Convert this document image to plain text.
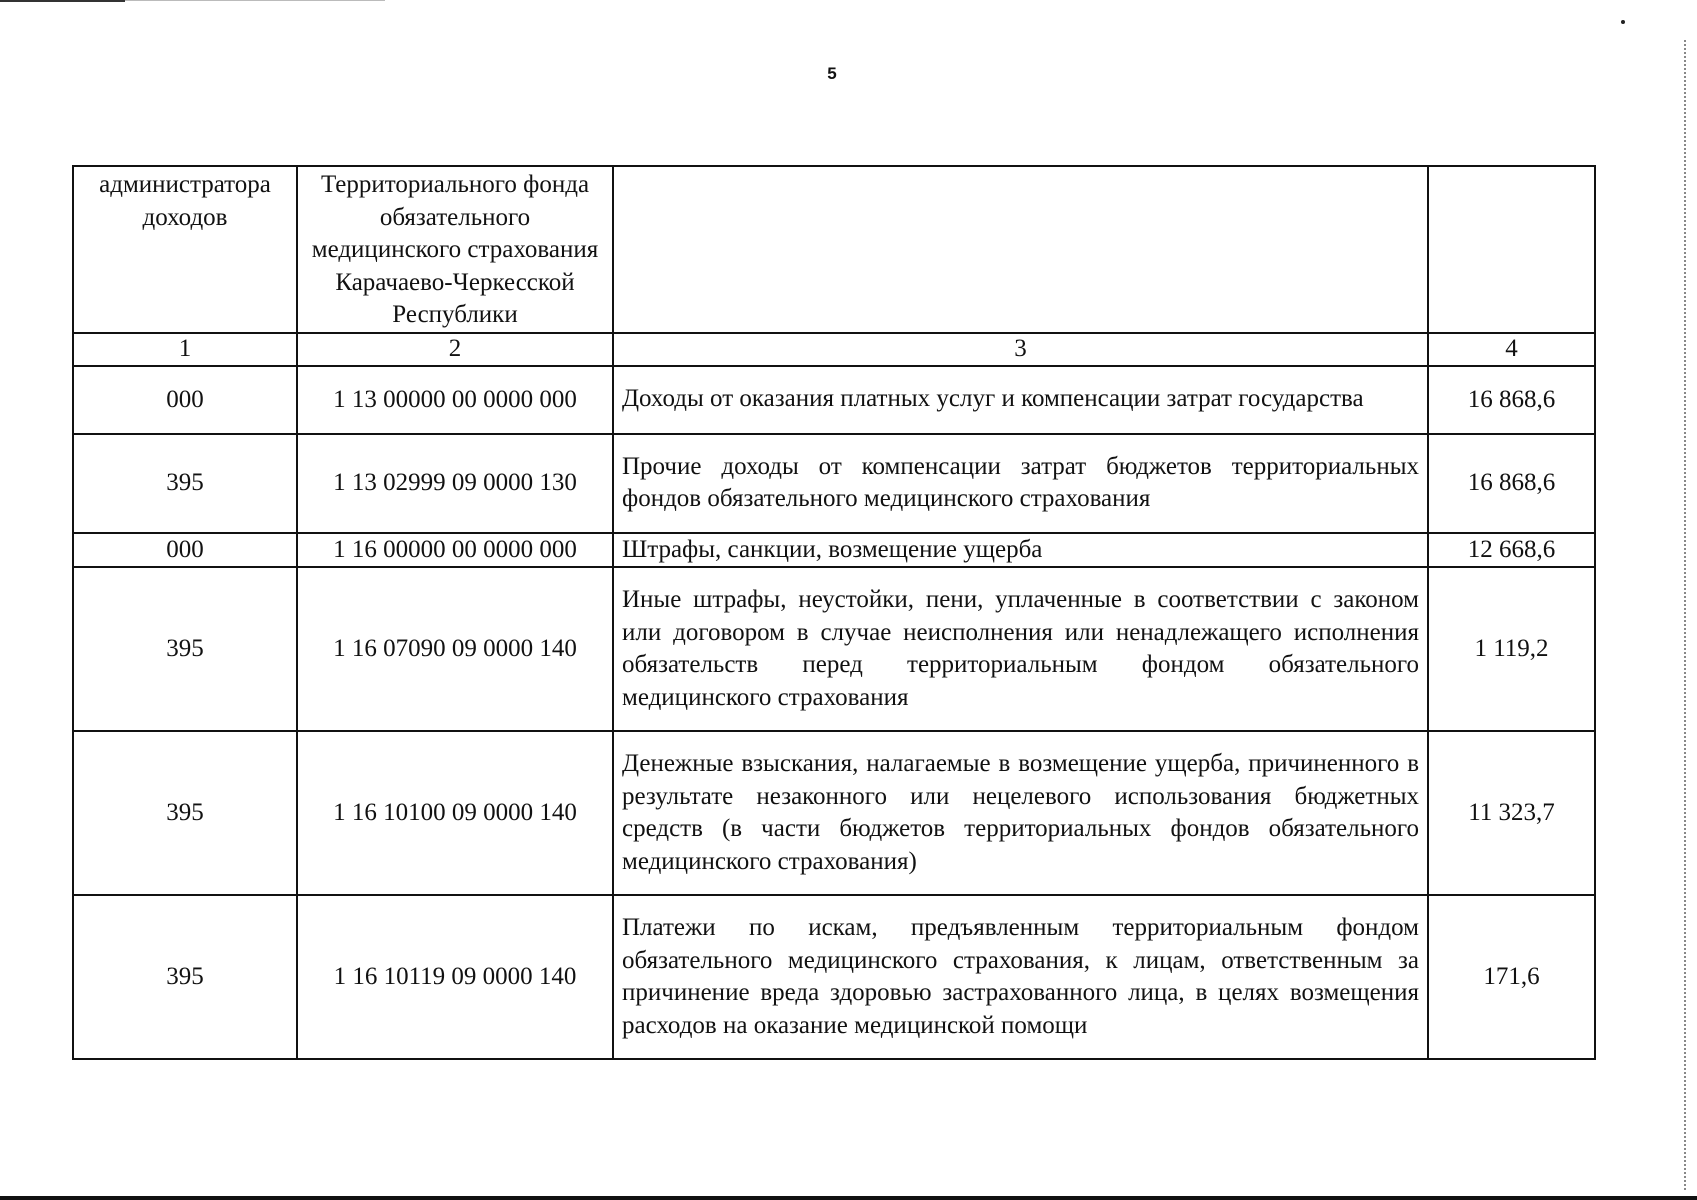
5
администратора доходов	Территориального фонда обязательного медицинского страхования Карачаево-Черкесской Республики		
1	2	3	4
000	1 13 00000 00 0000 000	Доходы от оказания платных услуг и компенсации затрат государства	16 868,6
395	1 13 02999 09 0000 130	Прочие доходы от компенсации затрат бюджетов территориальных фондов обязательного медицинского страхования	16 868,6
000	1 16 00000 00 0000 000	Штрафы, санкции, возмещение ущерба	12 668,6
395	1 16 07090 09 0000 140	Иные штрафы, неустойки, пени, уплаченные в соответствии с законом или договором в случае неисполнения или ненадлежащего исполнения обязательств перед территориальным фондом обязательного медицинского страхования	1 119,2
395	1 16 10100 09 0000 140	Денежные взыскания, налагаемые в возмещение ущерба, причиненного в результате незаконного или нецелевого использования бюджетных средств (в части бюджетов территориальных фондов обязательного медицинского страхования)	11 323,7
395	1 16 10119 09 0000 140	Платежи по искам, предъявленным территориальным фондом обязательного медицинского страхования, к лицам, ответственным за причинение вреда здоровью застрахованного лица, в целях возмещения расходов на оказание медицинской помощи	171,6
